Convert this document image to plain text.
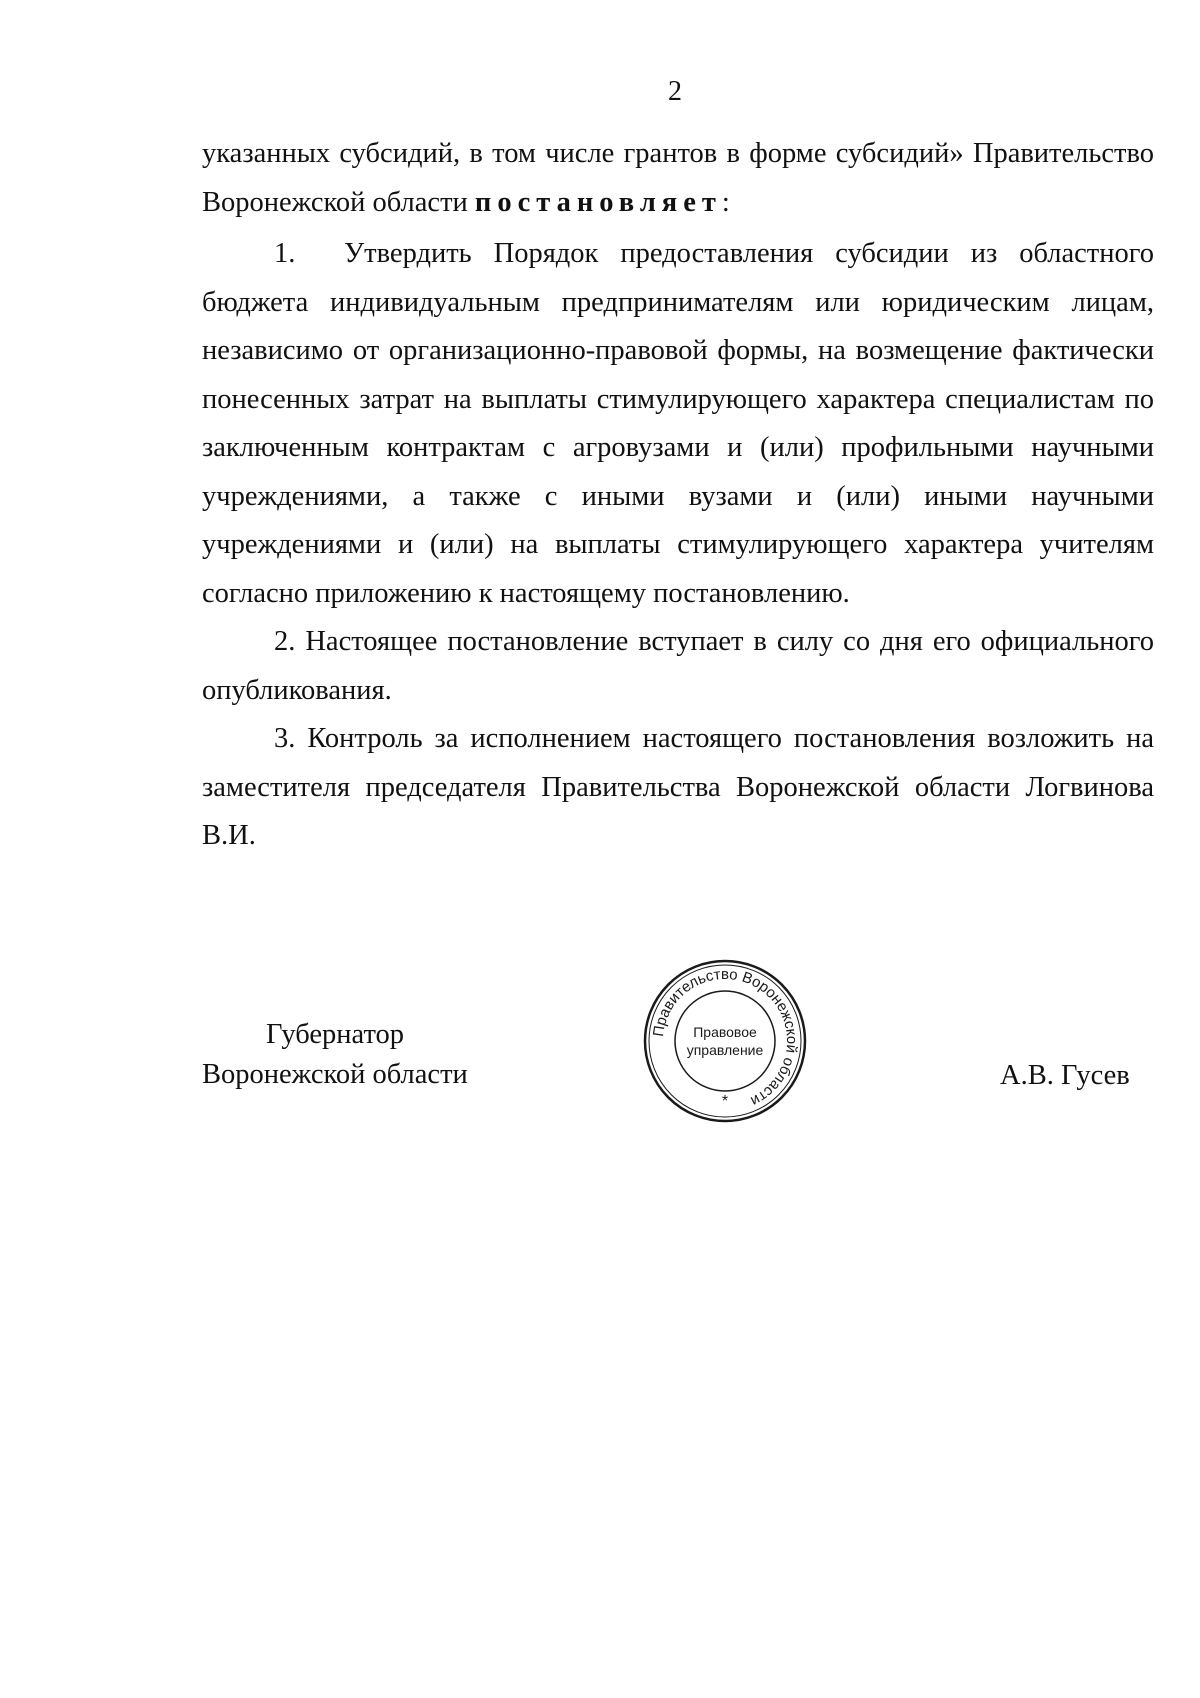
2

указанных субсидий, в том числе грантов в форме субсидий» Правительство Воронежской области постановляет:

1. Утвердить Порядок предоставления субсидии из областного бюджета индивидуальным предпринимателям или юридическим лицам, независимо от организационно-правовой формы, на возмещение фактически понесенных затрат на выплаты стимулирующего характера специалистам по заключенным контрактам с агровузами и (или) профильными научными учреждениями, а также с иными вузами и (или) иными научными учреждениями и (или) на выплаты стимулирующего характера учителям согласно приложению к настоящему постановлению.

2. Настоящее постановление вступает в силу со дня его официального опубликования.

3. Контроль за исполнением настоящего постановления возложить на заместителя председателя Правительства Воронежской области Логвинова В.И.

Губернатор
Воронежской области	А.В. Гусев
Правительство Воронежской области
Правовое
управление
*
